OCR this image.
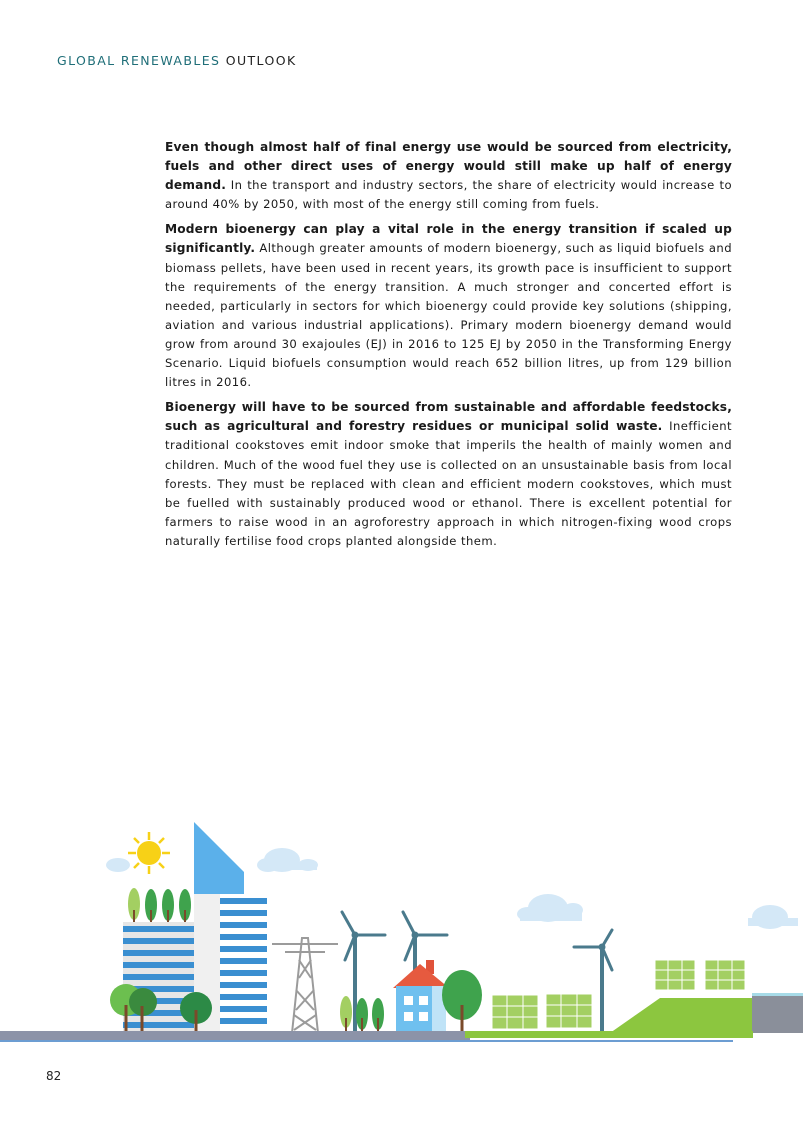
GLOBAL RENEWABLES OUTLOOK

Even though almost half of final energy use would be sourced from electricity, fuels and other direct uses of energy would still make up half of energy demand. In the transport and industry sectors, the share of electricity would increase to around 40% by 2050, with most of the energy still coming from fuels.

Modern bioenergy can play a vital role in the energy transition if scaled up significantly. Although greater amounts of modern bioenergy, such as liquid biofuels and biomass pellets, have been used in recent years, its growth pace is insufficient to support the requirements of the energy transition. A much stronger and concerted effort is needed, particularly in sectors for which bioenergy could provide key solutions (shipping, aviation and various industrial applications). Primary modern bioenergy demand would grow from around 30 exajoules (EJ) in 2016 to 125 EJ by 2050 in the Transforming Energy Scenario. Liquid biofuels consumption would reach 652 billion litres, up from 129 billion litres in 2016.

Bioenergy will have to be sourced from sustainable and affordable feedstocks, such as agricultural and forestry residues or municipal solid waste. Inefficient traditional cookstoves emit indoor smoke that imperils the health of mainly women and children. Much of the wood fuel they use is collected on an unsustainable basis from local forests. They must be replaced with clean and efficient modern cookstoves, which must be fuelled with sustainably produced wood or ethanol. There is excellent potential for farmers to raise wood in an agroforestry approach in which nitrogen-fixing wood crops naturally fertilise food crops planted alongside them.

82
